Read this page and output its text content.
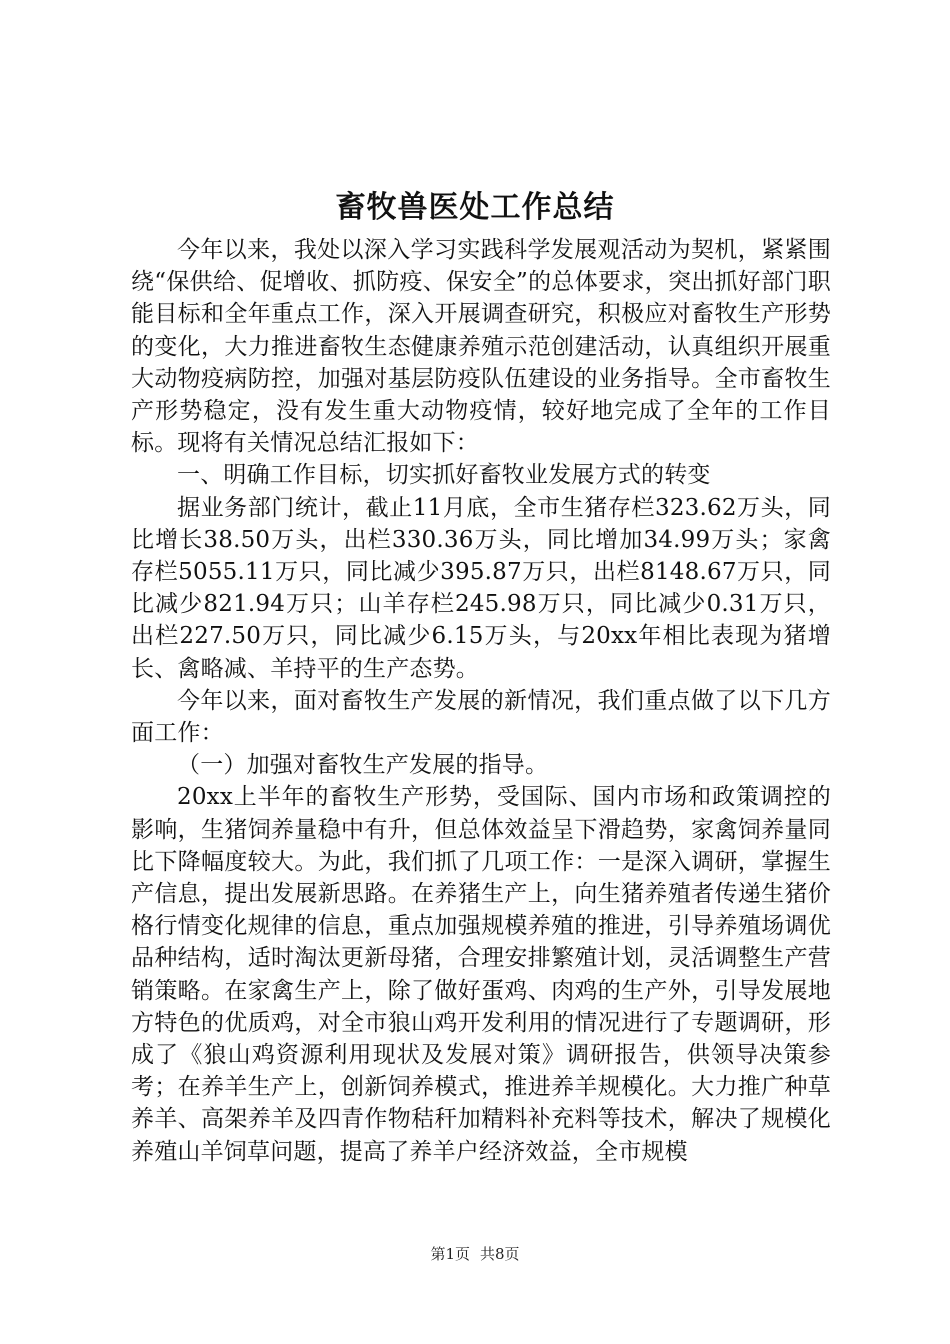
畜牧兽医处工作总结

今年以来，我处以深入学习实践科学发展观活动为契机，紧紧围绕“保供给、促增收、抓防疫、保安全”的总体要求，突出抓好部门职能目标和全年重点工作，深入开展调查研究，积极应对畜牧生产形势的变化，大力推进畜牧生态健康养殖示范创建活动，认真组织开展重大动物疫病防控，加强对基层防疫队伍建设的业务指导。全市畜牧生产形势稳定，没有发生重大动物疫情，较好地完成了全年的工作目标。现将有关情况总结汇报如下：

一、明确工作目标，切实抓好畜牧业发展方式的转变

据业务部门统计，截止11月底，全市生猪存栏323.62万头，同比增长38.50万头，出栏330.36万头，同比增加34.99万头；家禽存栏5055.11万只，同比减少395.87万只，出栏8148.67万只，同比减少821.94万只；山羊存栏245.98万只，同比减少0.31万只，出栏227.50万只，同比减少6.15万头，与20xx年相比表现为猪增长、禽略减、羊持平的生产态势。

今年以来，面对畜牧生产发展的新情况，我们重点做了以下几方面工作：

（一）加强对畜牧生产发展的指导。

20xx上半年的畜牧生产形势，受国际、国内市场和政策调控的影响，生猪饲养量稳中有升，但总体效益呈下滑趋势，家禽饲养量同比下降幅度较大。为此，我们抓了几项工作：一是深入调研，掌握生产信息，提出发展新思路。在养猪生产上，向生猪养殖者传递生猪价格行情变化规律的信息，重点加强规模养殖的推进，引导养殖场调优品种结构，适时淘汰更新母猪，合理安排繁殖计划，灵活调整生产营销策略。在家禽生产上，除了做好蛋鸡、肉鸡的生产外，引导发展地方特色的优质鸡，对全市狼山鸡开发利用的情况进行了专题调研，形成了《狼山鸡资源利用现状及发展对策》调研报告，供领导决策参考；在养羊生产上，创新饲养模式，推进养羊规模化。大力推广种草养羊、高架养羊及四青作物秸秆加精料补充料等技术，解决了规模化养殖山羊饲草问题，提高了养羊户经济效益，全市规模

第1页 共8页
